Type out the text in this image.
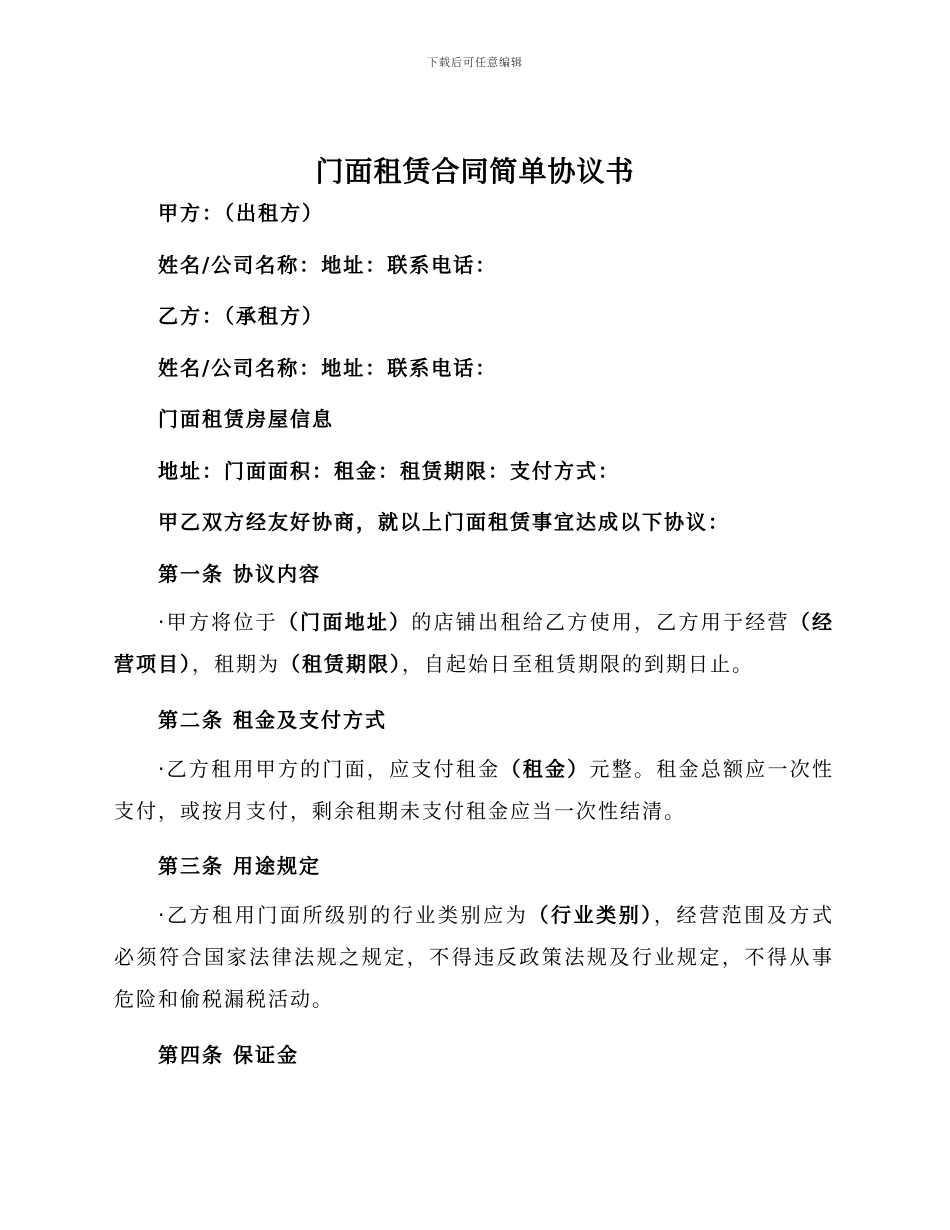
下载后可任意编辑
门面租赁合同简单协议书
甲方：（出租方）
姓名/公司名称：地址：联系电话：
乙方：（承租方）
姓名/公司名称：地址：联系电话：
门面租赁房屋信息
地址：门面面积：租金：租赁期限：支付方式：
甲乙双方经友好协商，就以上门面租赁事宜达成以下协议：
第一条 协议内容
·甲方将位于（门面地址）的店铺出租给乙方使用，乙方用于经营（经营项目），租期为（租赁期限），自起始日至租赁期限的到期日止。
第二条 租金及支付方式
·乙方租用甲方的门面，应支付租金（租金）元整。租金总额应一次性支付，或按月支付，剩余租期未支付租金应当一次性结清。
第三条 用途规定
·乙方租用门面所级别的行业类别应为（行业类别），经营范围及方式必须符合国家法律法规之规定，不得违反政策法规及行业规定，不得从事危险和偷税漏税活动。
第四条 保证金
